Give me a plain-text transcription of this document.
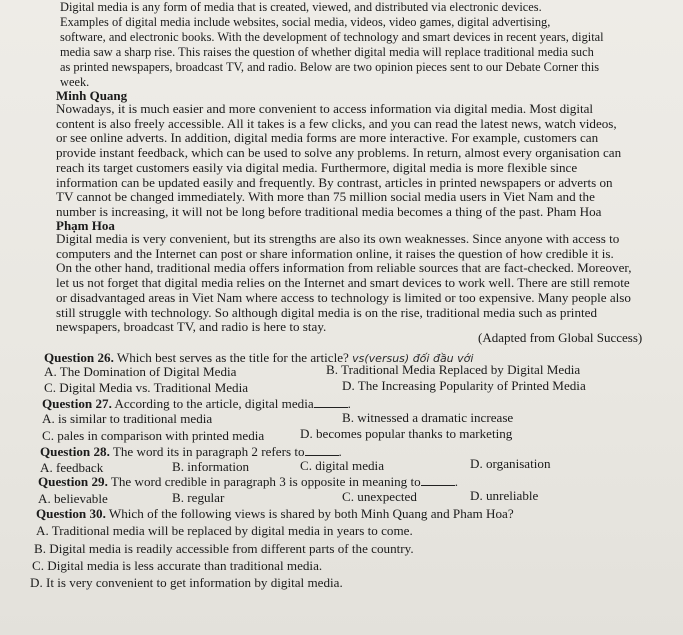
Digital media is any form of media that is created, viewed, and distributed via electronic devices.
Examples of digital media include websites, social media, videos, video games, digital advertising,
software, and electronic books. With the development of technology and smart devices in recent years, digital
media saw a sharp rise. This raises the question of whether digital media will replace traditional media such
as printed newspapers, broadcast TV, and radio. Below are two opinion pieces sent to our Debate Corner this
week.
Minh Quang
Nowadays, it is much easier and more convenient to access information via digital media. Most digital
content is also freely accessible. All it takes is a few clicks, and you can read the latest news, watch videos,
or see online adverts. In addition, digital media forms are more interactive. For example, customers can
provide instant feedback, which can be used to solve any problems. In return, almost every organisation can
reach its target customers easily via digital media. Furthermore, digital media is more flexible since
information can be updated easily and frequently. By contrast, articles in printed newspapers or adverts on
TV cannot be changed immediately. With more than 75 million social media users in Viet Nam and the
number is increasing, it will not be long before traditional media becomes a thing of the past. Pham Hoa
Phạm Hoa
Digital media is very convenient, but its strengths are also its own weaknesses. Since anyone with access to
computers and the Internet can post or share information online, it raises the question of how credible it is.
On the other hand, traditional media offers information from reliable sources that are fact-checked. Moreover,
let us not forget that digital media relies on the Internet and smart devices to work well. There are still remote
or disadvantaged areas in Viet Nam where access to technology is limited or too expensive. Many people also
still struggle with technology. So although digital media is on the rise, traditional media such as printed
newspapers, broadcast TV, and radio is here to stay.
(Adapted from Global Success)
Question 26. Which best serves as the title for the article? vs(versus) đối đầu với
A. The Domination of Digital Media	B. Traditional Media Replaced by Digital Media
C. Digital Media vs. Traditional Media	D. The Increasing Popularity of Printed Media
Question 27. According to the article, digital media	.
A. is similar to traditional media	B. witnessed a dramatic increase
C. pales in comparison with printed media	D. becomes popular thanks to marketing
Question 28. The word its in paragraph 2 refers to	.
A. feedback	B. information	C. digital media	D. organisation
Question 29. The word credible in paragraph 3 is opposite in meaning to	.
A. believable	B. regular	C. unexpected	D. unreliable
Question 30. Which of the following views is shared by both Minh Quang and Pham Hoa?
A. Traditional media will be replaced by digital media in years to come.
B. Digital media is readily accessible from different parts of the country.
C. Digital media is less accurate than traditional media.
D. It is very convenient to get information by digital media.
